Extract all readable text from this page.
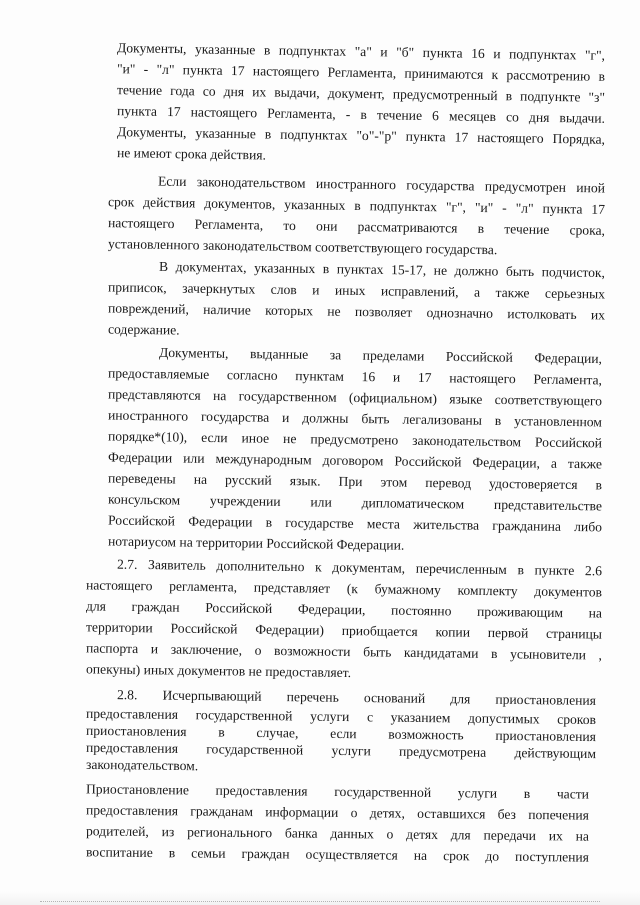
Документы, указанные в подпунктах "а" и "б" пункта 16 и подпунктах "г",
"и" - "л" пункта 17 настоящего Регламента, принимаются к рассмотрению в
течение года со дня их выдачи, документ, предусмотренный в подпункте "з"
пункта 17 настоящего Регламента, - в течение 6 месяцев со дня выдачи.
Документы, указанные в подпунктах "о"-"р" пункта 17 настоящего Порядка,
не имеют срока действия.
Если законодательством иностранного государства предусмотрен иной
срок действия документов, указанных в подпунктах "г", "и" - "л" пункта 17
настоящего Регламента, то они рассматриваются в течение срока,
установленного законодательством соответствующего государства.
В документах, указанных в пунктах 15-17, не должно быть подчисток,
приписок, зачеркнутых слов и иных исправлений, а также серьезных
повреждений, наличие которых не позволяет однозначно истолковать их
содержание.
Документы, выданные за пределами Российской Федерации,
предоставляемые согласно пунктам 16 и 17 настоящего Регламента,
представляются на государственном (официальном) языке соответствующего
иностранного государства и должны быть легализованы в установленном
порядке*(10), если иное не предусмотрено законодательством Российской
Федерации или международным договором Российской Федерации, а также
переведены на русский язык. При этом перевод удостоверяется в
консульском учреждении или дипломатическом представительстве
Российской Федерации в государстве места жительства гражданина либо
нотариусом на территории Российской Федерации.
2.7. Заявитель дополнительно к документам, перечисленным в пункте 2.6
настоящего регламента, представляет (к бумажному комплекту документов
для граждан Российской Федерации, постоянно проживающим на
территории Российской Федерации) приобщается копии первой страницы
паспорта и заключение, о возможности быть кандидатами в усыновители ,
опекуны) иных документов не предоставляет.
2.8. Исчерпывающий перечень оснований для приостановления
предоставления государственной услуги с указанием допустимых сроков
приостановления в случае, если возможность приостановления
предоставления государственной услуги предусмотрена действующим
законодательством.
Приостановление предоставления государственной услуги в части
предоставления гражданам информации о детях, оставшихся без попечения
родителей, из регионального банка данных о детях для передачи их на
воспитание в семьи граждан осуществляется на срок до поступления
